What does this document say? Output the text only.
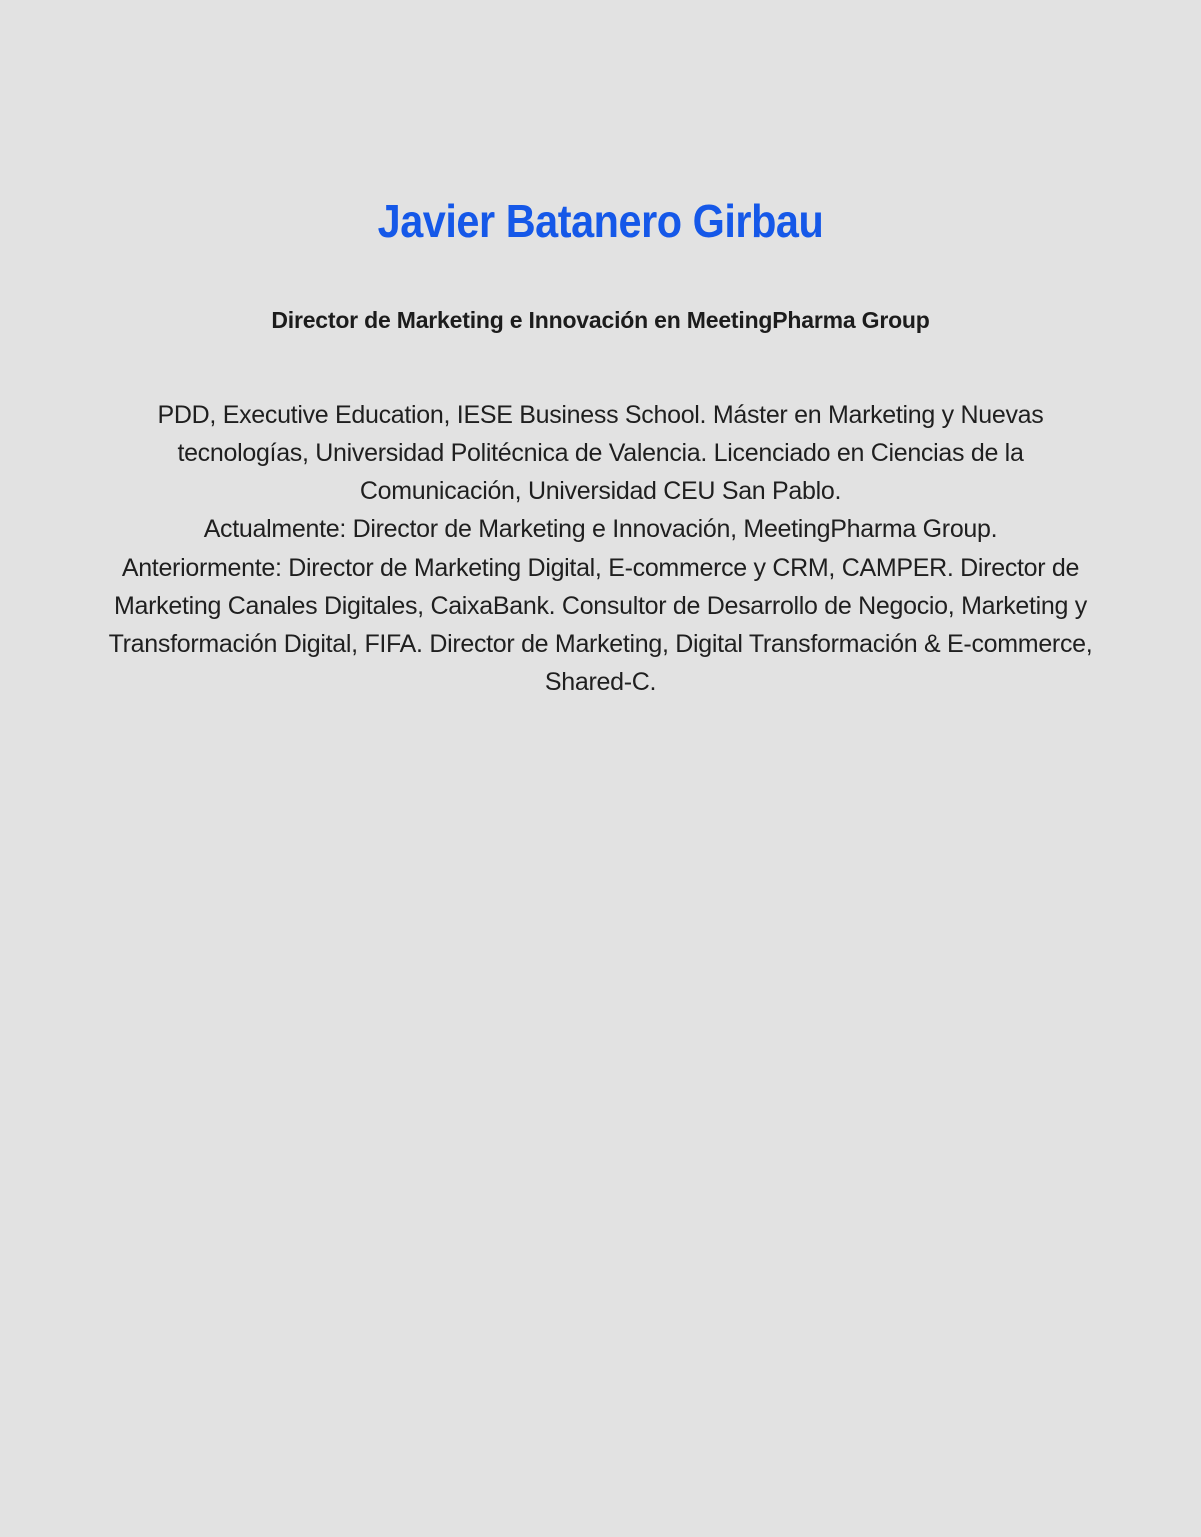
Javier Batanero Girbau
Director de Marketing e Innovación en MeetingPharma Group

PDD, Executive Education, IESE Business School. Máster en Marketing y Nuevas tecnologías, Universidad Politécnica de Valencia. Licenciado en Ciencias de la Comunicación, Universidad CEU San Pablo.

Actualmente: Director de Marketing e Innovación, MeetingPharma Group.

Anteriormente: Director de Marketing Digital, E-commerce y CRM, CAMPER. Director de Marketing Canales Digitales, CaixaBank. Consultor de Desarrollo de Negocio, Marketing y Transformación Digital, FIFA. Director de Marketing, Digital Transformación & E-commerce, Shared-C.
